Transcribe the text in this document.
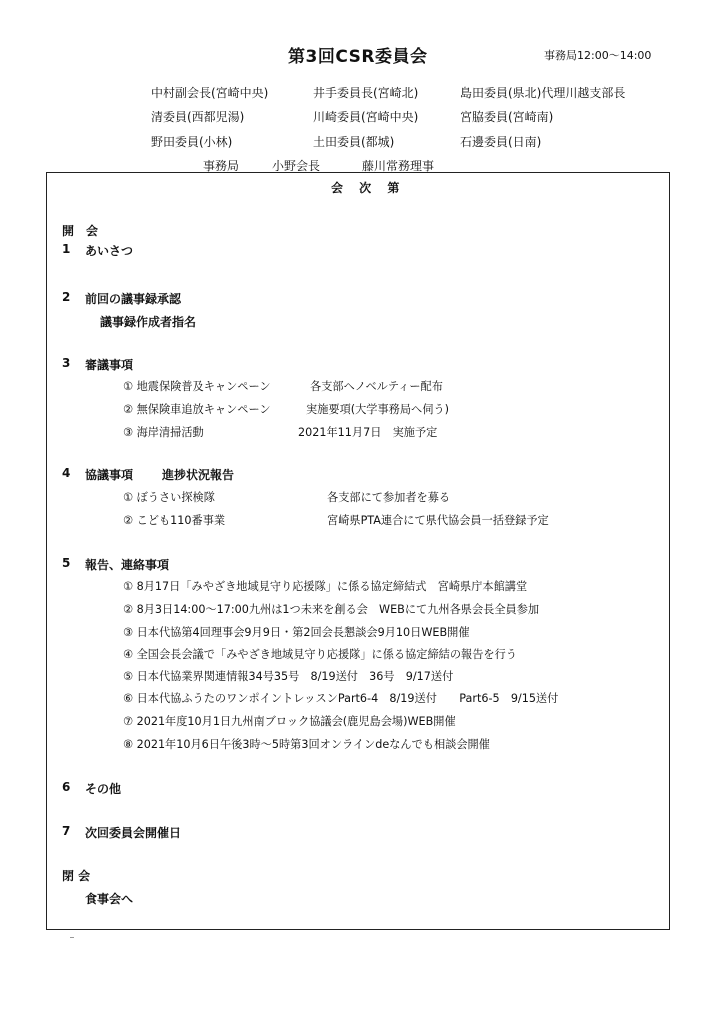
第3回CSR委員会	事務局12:00～14:00
中村副会長(宮崎中央)	井手委員長(宮崎北)	島田委員(県北)代理川越支部長
清委員(西都児湯)	川崎委員(宮崎中央)	宮脇委員(宮崎南)
野田委員(小林)	土田委員(都城)	石邊委員(日南)
事務局	小野会長	藤川常務理事
会 次 第
開　会
1 あいさつ
2 前回の議事録承認
議事録作成者指名
3 審議事項
① 地震保険普及キャンペーン	各支部へノベルティー配布
② 無保険車追放キャンペーン	実施要項(大学事務局へ伺う)
③ 海岸清掃活動	2021年11月7日　実施予定
4 協議事項 進捗状況報告
① ぼうさい探検隊	各支部にて参加者を募る
② こども110番事業	宮崎県PTA連合にて県代協会員一括登録予定
5 報告、連絡事項
① 8月17日「みやざき地域見守り応援隊」に係る協定締結式　宮崎県庁本館講堂
② 8月3日14:00～17:00九州は1つ未来を創る会　WEBにて九州各県会長全員参加
③ 日本代協第4回理事会9月9日・第2回会長懇談会9月10日WEB開催
④ 全国会長会議で「みやざき地域見守り応援隊」に係る協定締結の報告を行う
⑤ 日本代協業界関連情報34号35号　8/19送付　36号　9/17送付
⑥ 日本代協ふうたのワンポイントレッスンPart6-4　8/19送付　　Part6-5　9/15送付
⑦ 2021年度10月1日九州南ブロック協議会(鹿児島会場)WEB開催
⑧ 2021年10月6日午後3時～5時第3回オンラインdeなんでも相談会開催
6 その他
7 次回委員会開催日
閉 会
食事会へ
